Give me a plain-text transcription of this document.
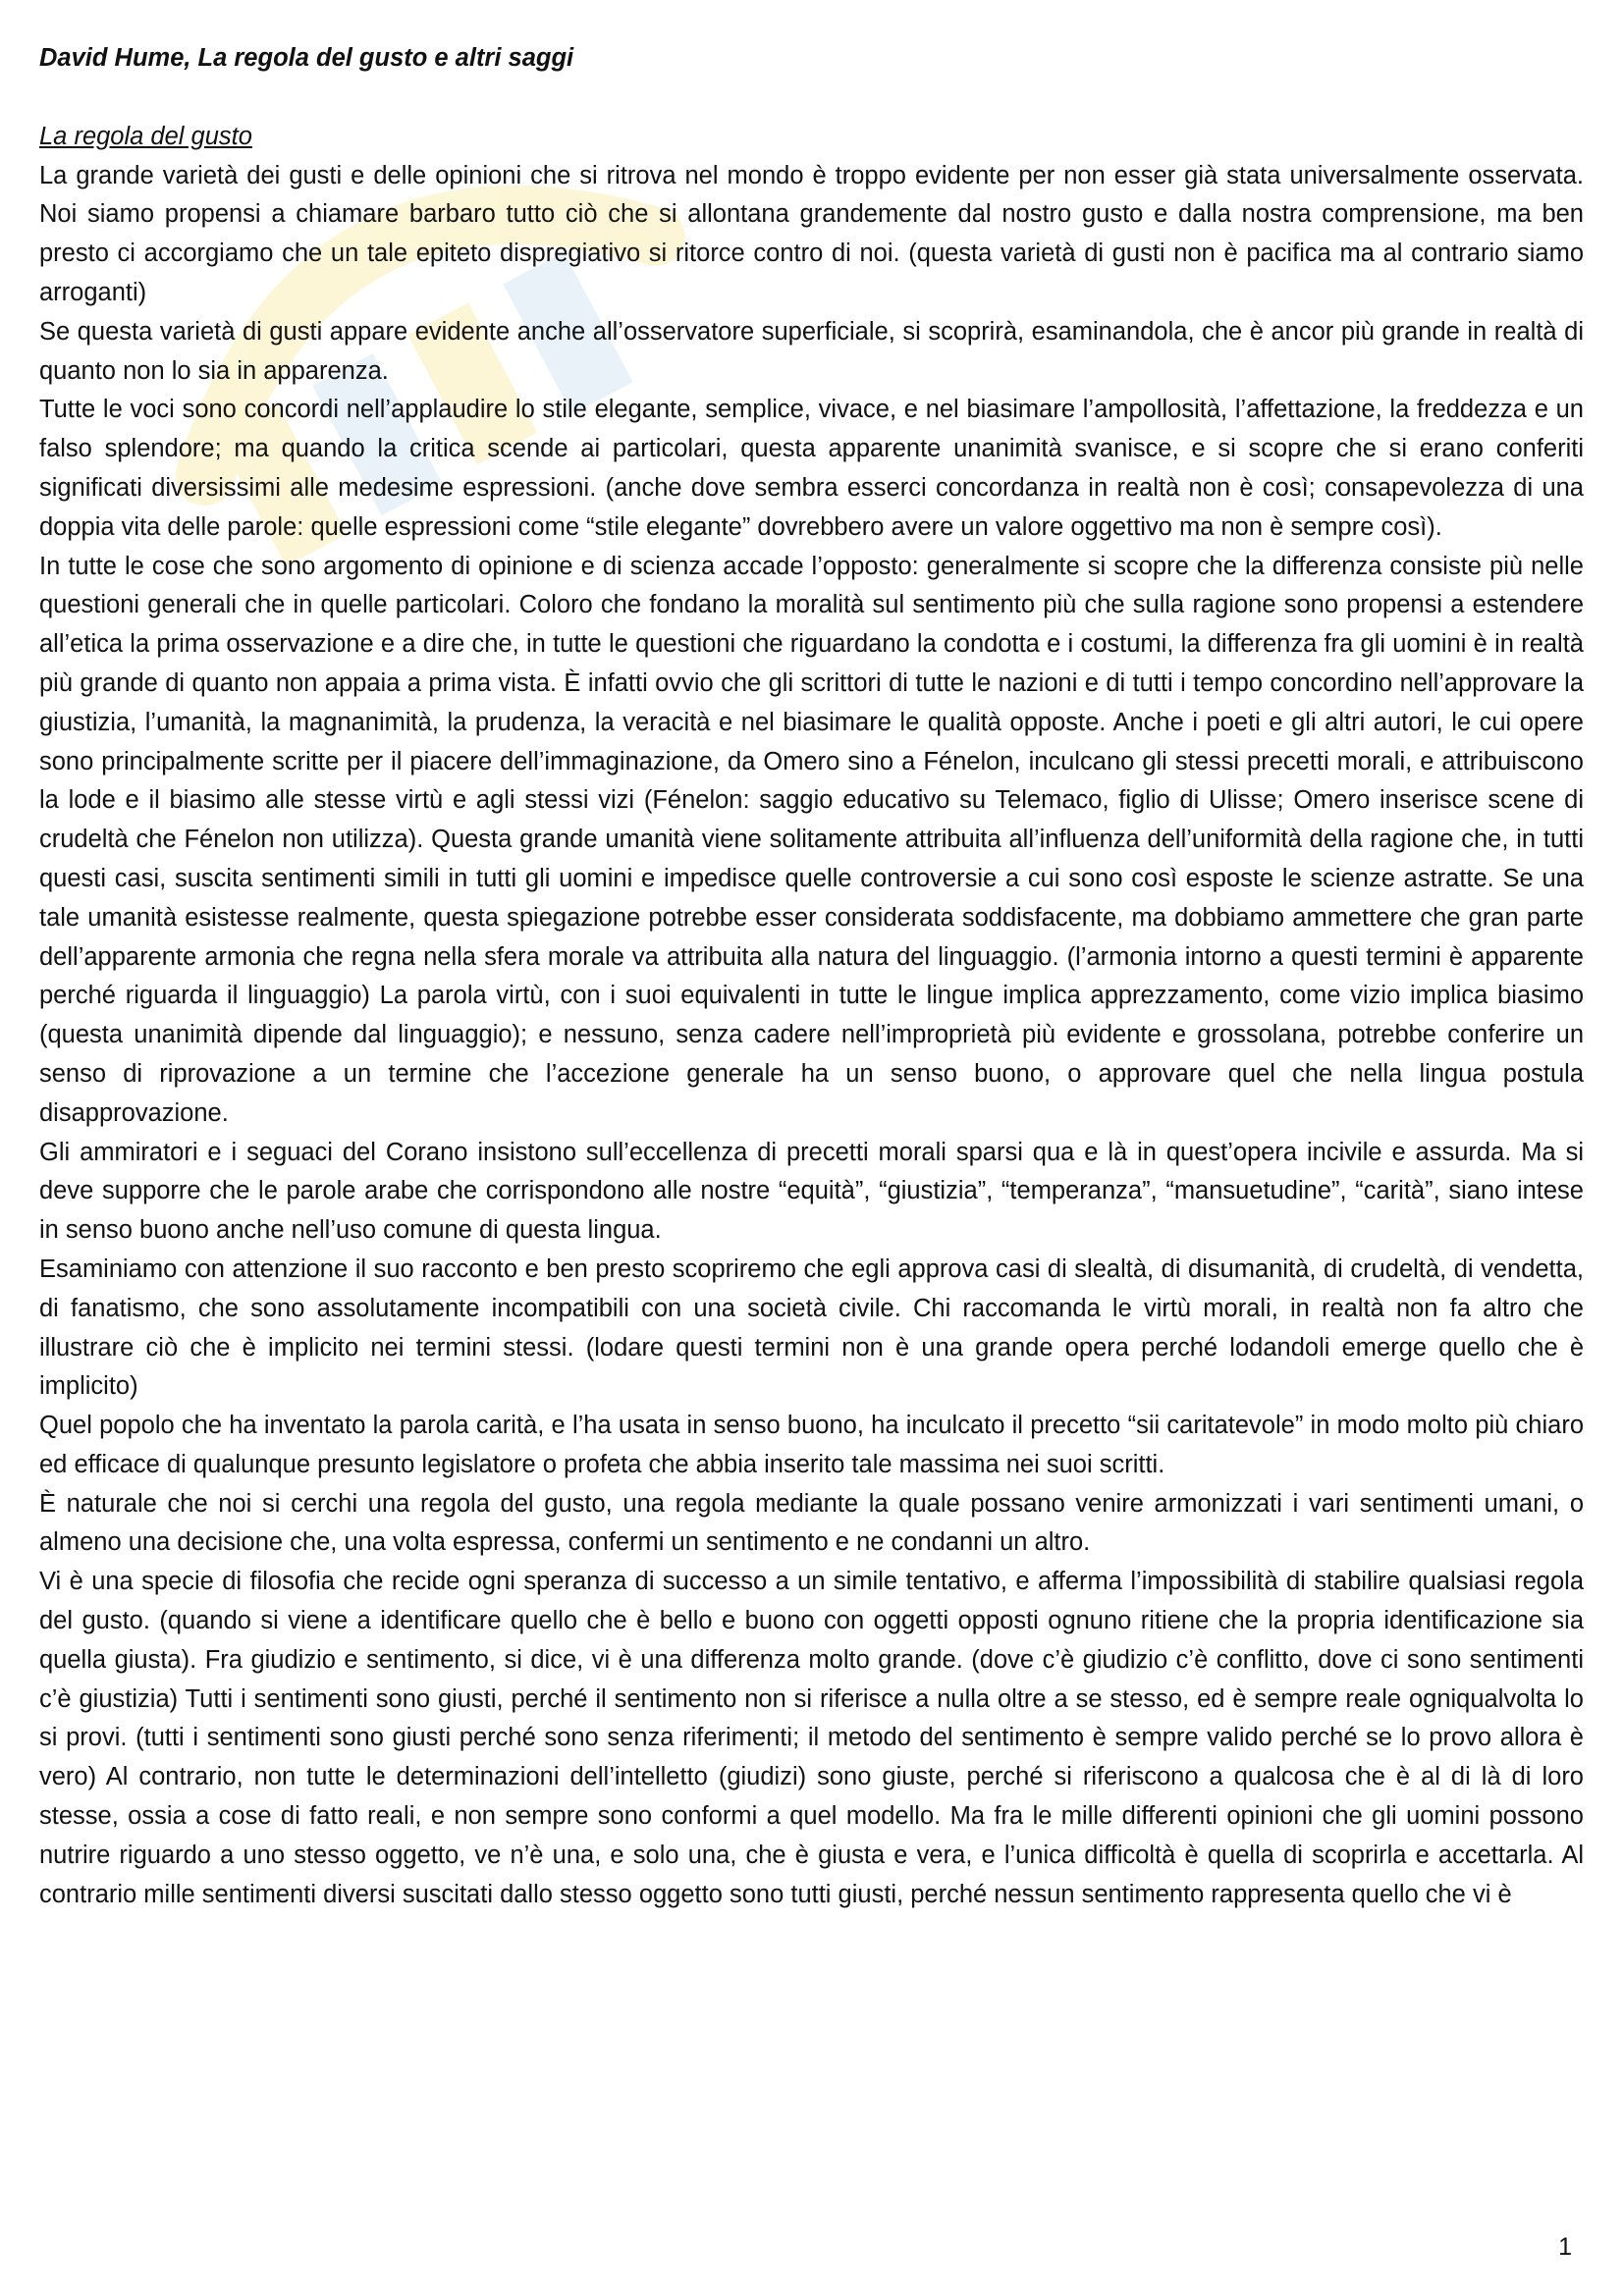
David Hume, La regola del gusto e altri saggi

La regola del gusto

La grande varietà dei gusti e delle opinioni che si ritrova nel mondo è troppo evidente per non esser già stata universalmente osservata. Noi siamo propensi a chiamare barbaro tutto ciò che si allontana grandemente dal nostro gusto e dalla nostra comprensione, ma ben presto ci accorgiamo che un tale epiteto dispregiativo si ritorce contro di noi. (questa varietà di gusti non è pacifica ma al contrario siamo arroganti)

Se questa varietà di gusti appare evidente anche all’osservatore superficiale, si scoprirà, esaminandola, che è ancor più grande in realtà di quanto non lo sia in apparenza.

Tutte le voci sono concordi nell’applaudire lo stile elegante, semplice, vivace, e nel biasimare l’ampollosità, l’affettazione, la freddezza e un falso splendore; ma quando la critica scende ai particolari, questa apparente unanimità svanisce, e si scopre che si erano conferiti significati diversissimi alle medesime espressioni. (anche dove sembra esserci concordanza in realtà non è così; consapevolezza di una doppia vita delle parole: quelle espressioni come “stile elegante” dovrebbero avere un valore oggettivo ma non è sempre così).

In tutte le cose che sono argomento di opinione e di scienza accade l’opposto: generalmente si scopre che la differenza consiste più nelle questioni generali che in quelle particolari. Coloro che fondano la moralità sul sentimento più che sulla ragione sono propensi a estendere all’etica la prima osservazione e a dire che, in tutte le questioni che riguardano la condotta e i costumi, la differenza fra gli uomini è in realtà più grande di quanto non appaia a prima vista. È infatti ovvio che gli scrittori di tutte le nazioni e di tutti i tempo concordino nell’approvare la giustizia, l’umanità, la magnanimità, la prudenza, la veracità e nel biasimare le qualità opposte. Anche i poeti e gli altri autori, le cui opere sono principalmente scritte per il piacere dell’immaginazione, da Omero sino a Fénelon, inculcano gli stessi precetti morali, e attribuiscono la lode e il biasimo alle stesse virtù e agli stessi vizi (Fénelon: saggio educativo su Telemaco, figlio di Ulisse; Omero inserisce scene di crudeltà che Fénelon non utilizza). Questa grande umanità viene solitamente attribuita all’influenza dell’uniformità della ragione che, in tutti questi casi, suscita sentimenti simili in tutti gli uomini e impedisce quelle controversie a cui sono così esposte le scienze astratte. Se una tale umanità esistesse realmente, questa spiegazione potrebbe esser considerata soddisfacente, ma dobbiamo ammettere che gran parte dell’apparente armonia che regna nella sfera morale va attribuita alla natura del linguaggio. (l’armonia intorno a questi termini è apparente perché riguarda il linguaggio) La parola virtù, con i suoi equivalenti in tutte le lingue implica apprezzamento, come vizio implica biasimo (questa unanimità dipende dal linguaggio); e nessuno, senza cadere nell’improprietà più evidente e grossolana, potrebbe conferire un senso di riprovazione a un termine che l’accezione generale ha un senso buono, o approvare quel che nella lingua postula disapprovazione.

Gli ammiratori e i seguaci del Corano insistono sull’eccellenza di precetti morali sparsi qua e là in quest’opera incivile e assurda. Ma si deve supporre che le parole arabe che corrispondono alle nostre “equità”, “giustizia”, “temperanza”, “mansuetudine”, “carità”, siano intese in senso buono anche nell’uso comune di questa lingua.

Esaminiamo con attenzione il suo racconto e ben presto scopriremo che egli approva casi di slealtà, di disumanità, di crudeltà, di vendetta, di fanatismo, che sono assolutamente incompatibili con una società civile. Chi raccomanda le virtù morali, in realtà non fa altro che illustrare ciò che è implicito nei termini stessi. (lodare questi termini non è una grande opera perché lodandoli emerge quello che è implicito)

Quel popolo che ha inventato la parola carità, e l’ha usata in senso buono, ha inculcato il precetto “sii caritatevole” in modo molto più chiaro ed efficace di qualunque presunto legislatore o profeta che abbia inserito tale massima nei suoi scritti.

È naturale che noi si cerchi una regola del gusto, una regola mediante la quale possano venire armonizzati i vari sentimenti umani, o almeno una decisione che, una volta espressa, confermi un sentimento e ne condanni un altro.

Vi è una specie di filosofia che recide ogni speranza di successo a un simile tentativo, e afferma l’impossibilità di stabilire qualsiasi regola del gusto. (quando si viene a identificare quello che è bello e buono con oggetti opposti ognuno ritiene che la propria identificazione sia quella giusta). Fra giudizio e sentimento, si dice, vi è una differenza molto grande. (dove c’è giudizio c’è conflitto, dove ci sono sentimenti c’è giustizia) Tutti i sentimenti sono giusti, perché il sentimento non si riferisce a nulla oltre a se stesso, ed è sempre reale ogniqualvolta lo si provi. (tutti i sentimenti sono giusti perché sono senza riferimenti; il metodo del sentimento è sempre valido perché se lo provo allora è vero) Al contrario, non tutte le determinazioni dell’intelletto (giudizi) sono giuste, perché si riferiscono a qualcosa che è al di là di loro stesse, ossia a cose di fatto reali, e non sempre sono conformi a quel modello. Ma fra le mille differenti opinioni che gli uomini possono nutrire riguardo a uno stesso oggetto, ve n’è una, e solo una, che è giusta e vera, e l’unica difficoltà è quella di scoprirla e accettarla. Al contrario mille sentimenti diversi suscitati dallo stesso oggetto sono tutti giusti, perché nessun sentimento rappresenta quello che vi è

1
